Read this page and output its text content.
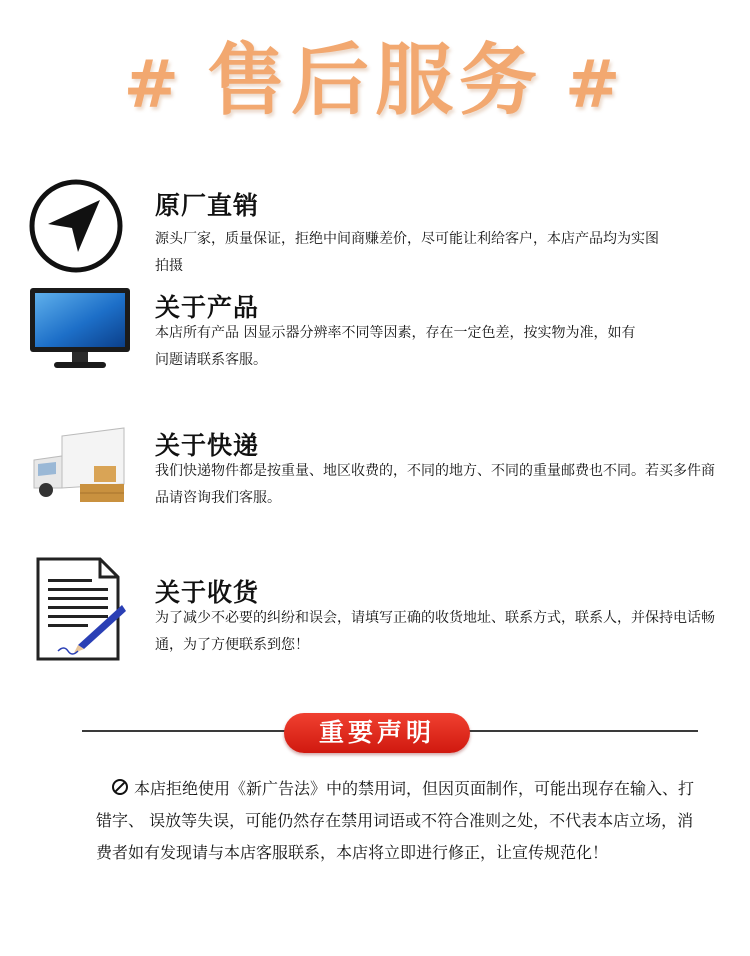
# 售后服务 #
原厂直销
源头厂家，质量保证，拒绝中间商赚差价，尽可能让利给客户，本店产品均为实图拍摄
关于产品
本店所有产品 因显示器分辨率不同等因素，存在一定色差，按实物为准，如有问题请联系客服。
关于快递
我们快递物件都是按重量、地区收费的，不同的地方、不同的重量邮费也不同。若买多件商品请咨询我们客服。
关于收货
为了减少不必要的纠纷和误会，请填写正确的收货地址、联系方式，联系人，并保持电话畅通，为了方便联系到您！
重要声明
本店拒绝使用《新广告法》中的禁用词，但因页面制作，可能出现存在输入、打错字、 误放等失误，可能仍然存在禁用词语或不符合准则之处，不代表本店立场，消费者如有发现请与本店客服联系，本店将立即进行修正，让宣传规范化！
